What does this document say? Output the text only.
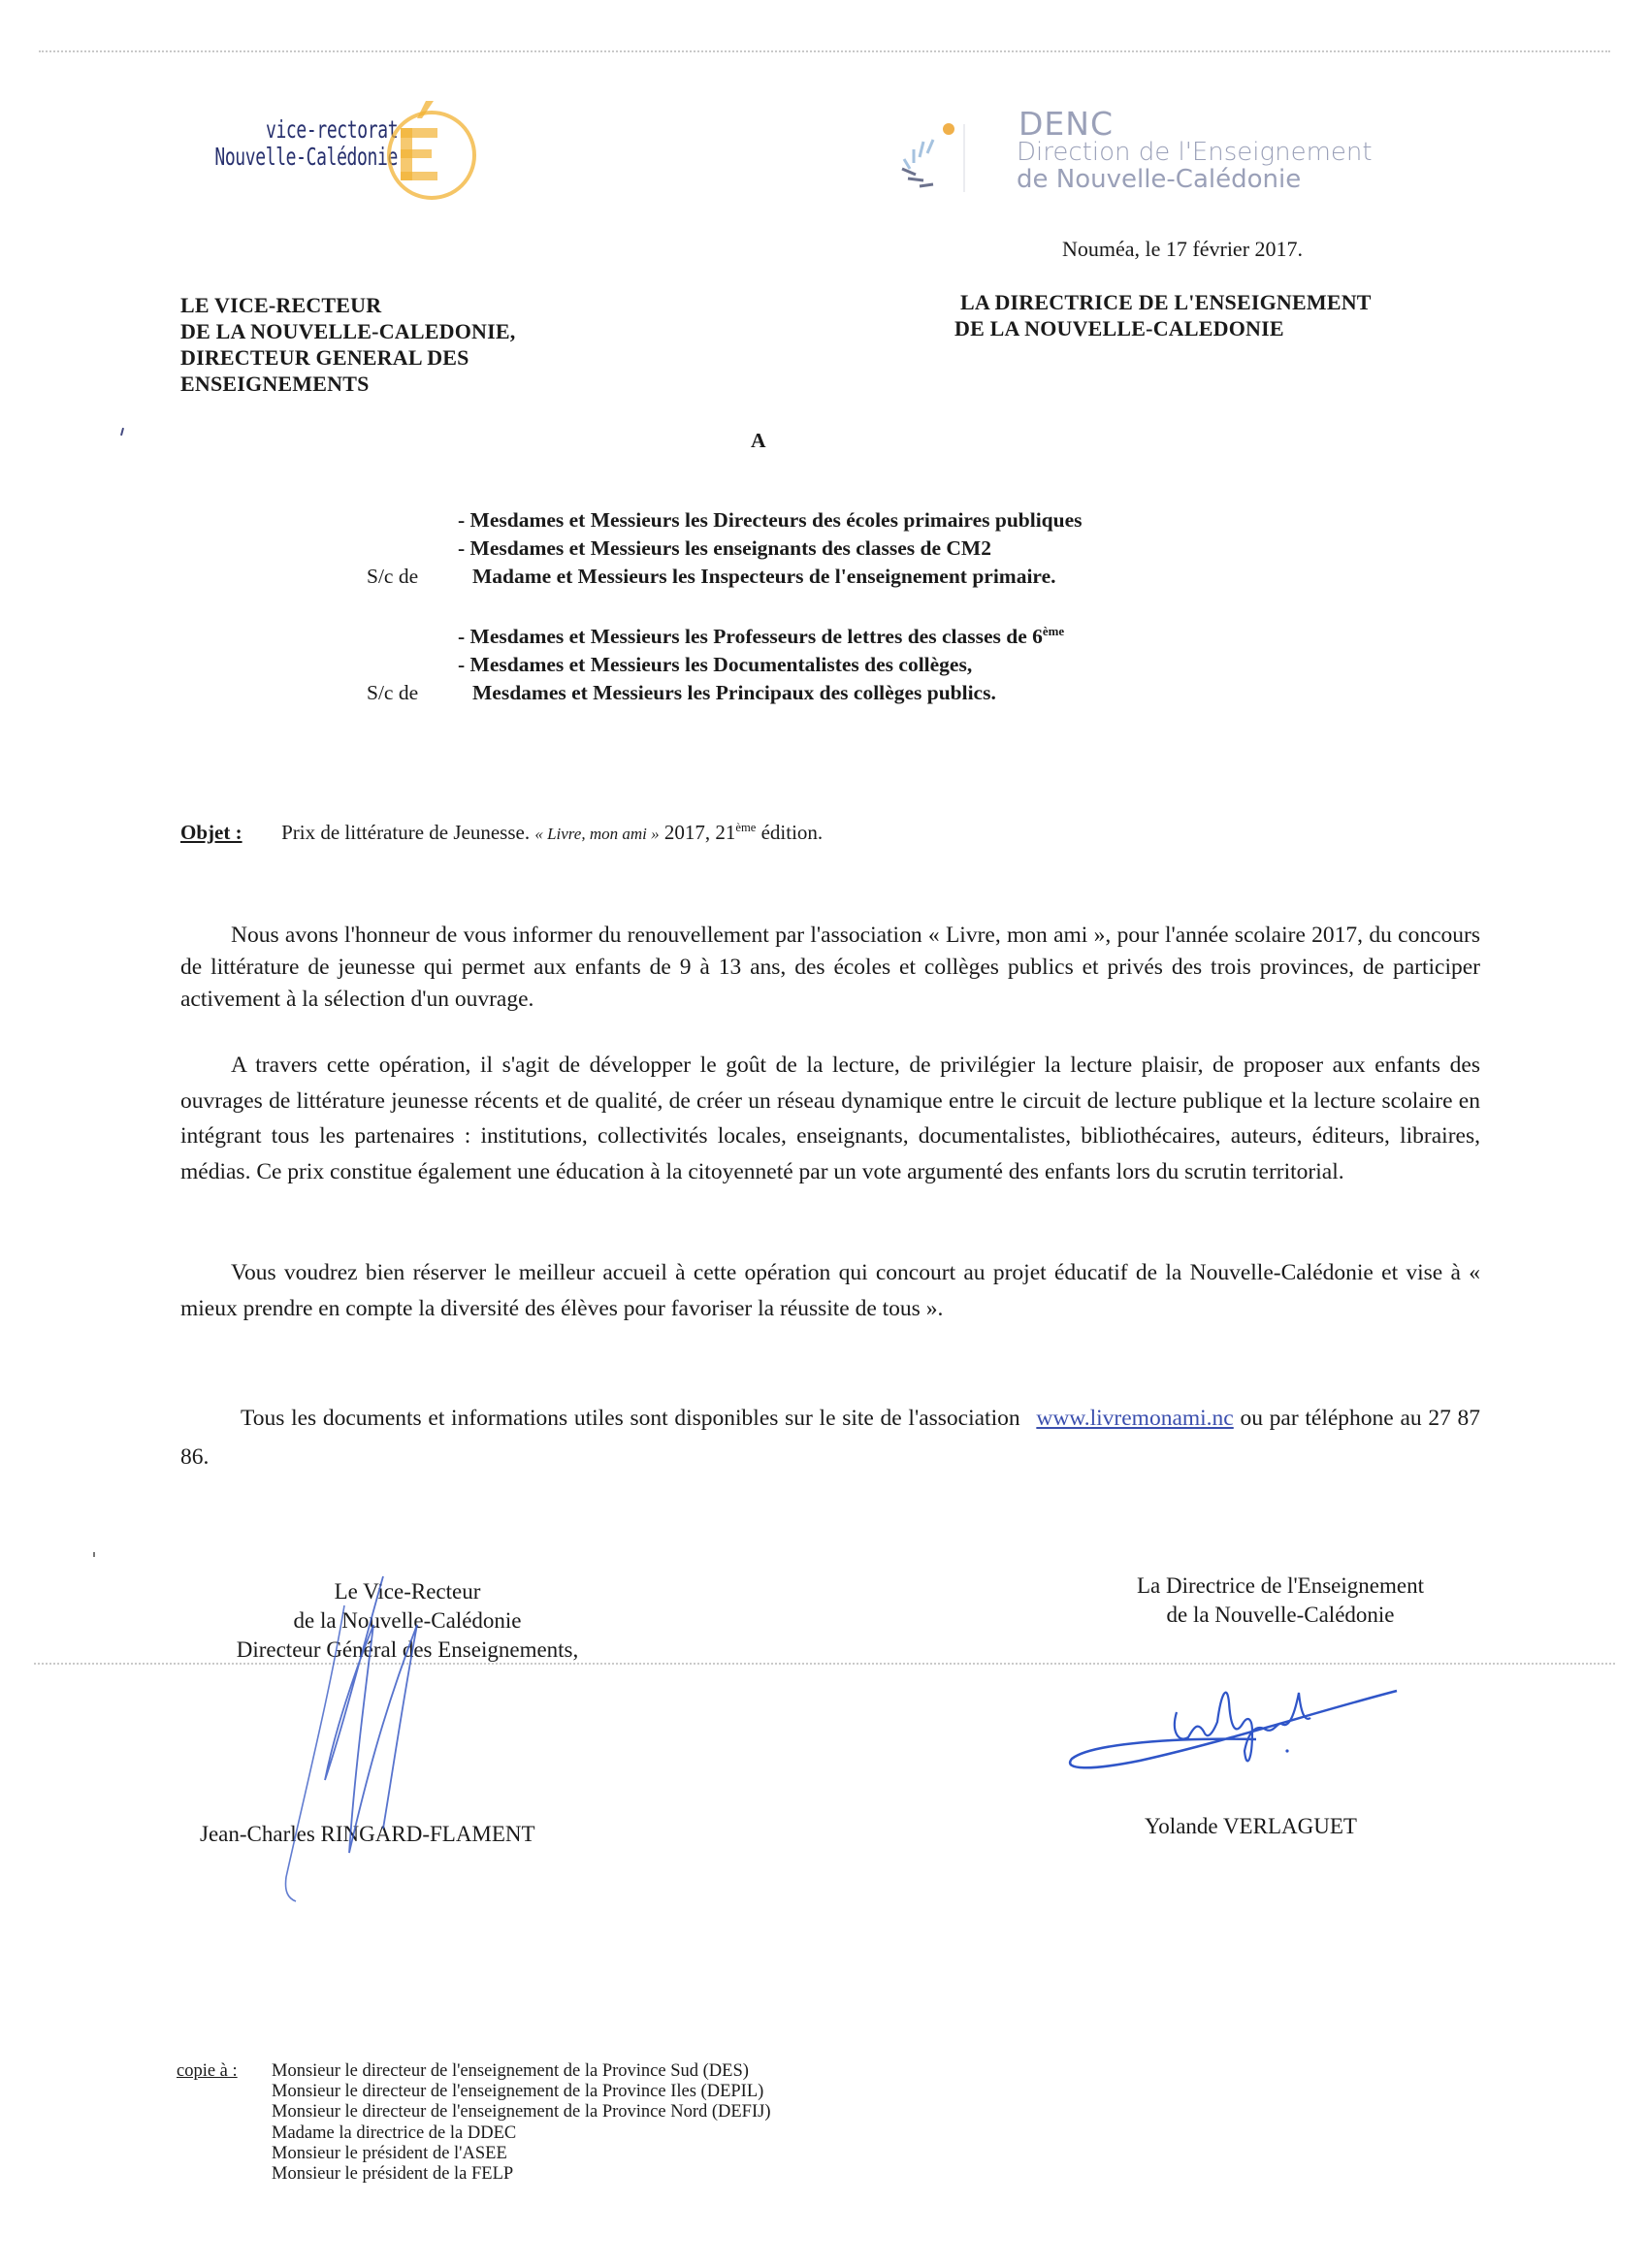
vice-rectorat
Nouvelle-Calédonie
DENC
Direction de l'Enseignement
de Nouvelle-Calédonie
Nouméa, le 17 février 2017.
LE VICE-RECTEUR
DE LA NOUVELLE-CALEDONIE,
DIRECTEUR GENERAL DES
ENSEIGNEMENTS
LA DIRECTRICE DE L'ENSEIGNEMENT
DE LA NOUVELLE-CALEDONIE
A
- Mesdames et Messieurs les Directeurs des écoles primaires publiques
- Mesdames et Messieurs les enseignants des classes de CM2
Madame et Messieurs les Inspecteurs de l'enseignement primaire.
S/c de
- Mesdames et Messieurs les Professeurs de lettres des classes de 6ème
- Mesdames et Messieurs les Documentalistes des collèges,
Mesdames et Messieurs les Principaux des collèges publics.
S/c de
Objet : Prix de littérature de Jeunesse. « Livre, mon ami » 2017, 21ème édition.

Nous avons l'honneur de vous informer du renouvellement par l'association « Livre, mon ami », pour l'année scolaire 2017, du concours de littérature de jeunesse qui permet aux enfants de 9 à 13 ans, des écoles et collèges publics et privés des trois provinces, de participer activement à la sélection d'un ouvrage.

A travers cette opération, il s'agit de développer le goût de la lecture, de privilégier la lecture plaisir, de proposer aux enfants des ouvrages de littérature jeunesse récents et de qualité, de créer un réseau dynamique entre le circuit de lecture publique et la lecture scolaire en intégrant tous les partenaires : institutions, collectivités locales, enseignants, documentalistes, bibliothécaires, auteurs, éditeurs, libraires, médias. Ce prix constitue également une éducation à la citoyenneté par un vote argumenté des enfants lors du scrutin territorial.

Vous voudrez bien réserver le meilleur accueil à cette opération qui concourt au projet éducatif de la Nouvelle-Calédonie et vise à « mieux prendre en compte la diversité des élèves pour favoriser la réussite de tous ».

Tous les documents et informations utiles sont disponibles sur le site de l'association www.livremonami.nc ou par téléphone au 27 87 86.

Le Vice-Recteur
de la Nouvelle-Calédonie
Directeur Général des Enseignements,
Jean-Charles RINGARD-FLAMENT
La Directrice de l'Enseignement
de la Nouvelle-Calédonie
Yolande VERLAGUET
copie à : Monsieur le directeur de l'enseignement de la Province Sud (DES)
Monsieur le directeur de l'enseignement de la Province Iles (DEPIL)
Monsieur le directeur de l'enseignement de la Province Nord (DEFIJ)
Madame la directrice de la DDEC
Monsieur le président de l'ASEE
Monsieur le président de la FELP
